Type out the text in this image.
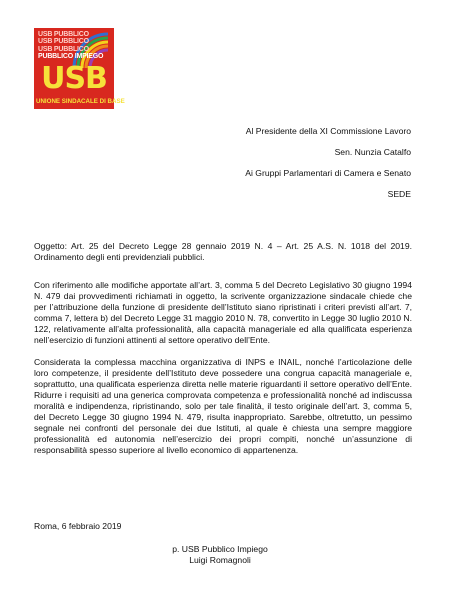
USB PUBBLICO
USB PUBBLICO
USB PUBBLICO
PUBBLICO IMPIEGO
USB
UNIONE SINDACALE DI BASE
Al Presidente della XI Commissione Lavoro
Sen. Nunzia Catalfo
Ai Gruppi Parlamentari di Camera e Senato
SEDE

Oggetto: Art. 25 del Decreto Legge 28 gennaio 2019 N. 4 – Art. 25 A.S. N. 1018 del 2019. Ordinamento degli enti previdenziali pubblici.

Con riferimento alle modifiche apportate all’art. 3, comma 5 del Decreto Legislativo 30 giugno 1994 N. 479 dai provvedimenti richiamati in oggetto, la scrivente organizzazione sindacale chiede che per l’attribuzione della funzione di presidente dell’Istituto siano ripristinati i criteri previsti all’art. 7, comma 7, lettera b) del Decreto Legge 31 maggio 2010 N. 78, convertito in Legge 30 luglio 2010 N. 122, relativamente all’alta professionalità, alla capacità manageriale ed alla qualificata esperienza nell’esercizio di funzioni attinenti al settore operativo dell’Ente.

Considerata la complessa macchina organizzativa di INPS e INAIL, nonché l’articolazione delle loro competenze, il presidente dell’Istituto deve possedere una congrua capacità manageriale e, soprattutto, una qualificata esperienza diretta nelle materie riguardanti il settore operativo dell’Ente. Ridurre i requisiti ad una generica comprovata competenza e professionalità nonché ad indiscussa moralità e indipendenza, ripristinando, solo per tale finalità, il testo originale dell’art. 3, comma 5, del Decreto Legge 30 giugno 1994 N. 479, risulta inappropriato. Sarebbe, oltretutto, un pessimo segnale nei confronti del personale dei due Istituti, al quale è chiesta una sempre maggiore professionalità ed autonomia nell’esercizio dei propri compiti, nonché un’assunzione di responsabilità spesso superiore al livello economico di appartenenza.

Roma, 6 febbraio 2019
p. USB Pubblico Impiego
Luigi Romagnoli
